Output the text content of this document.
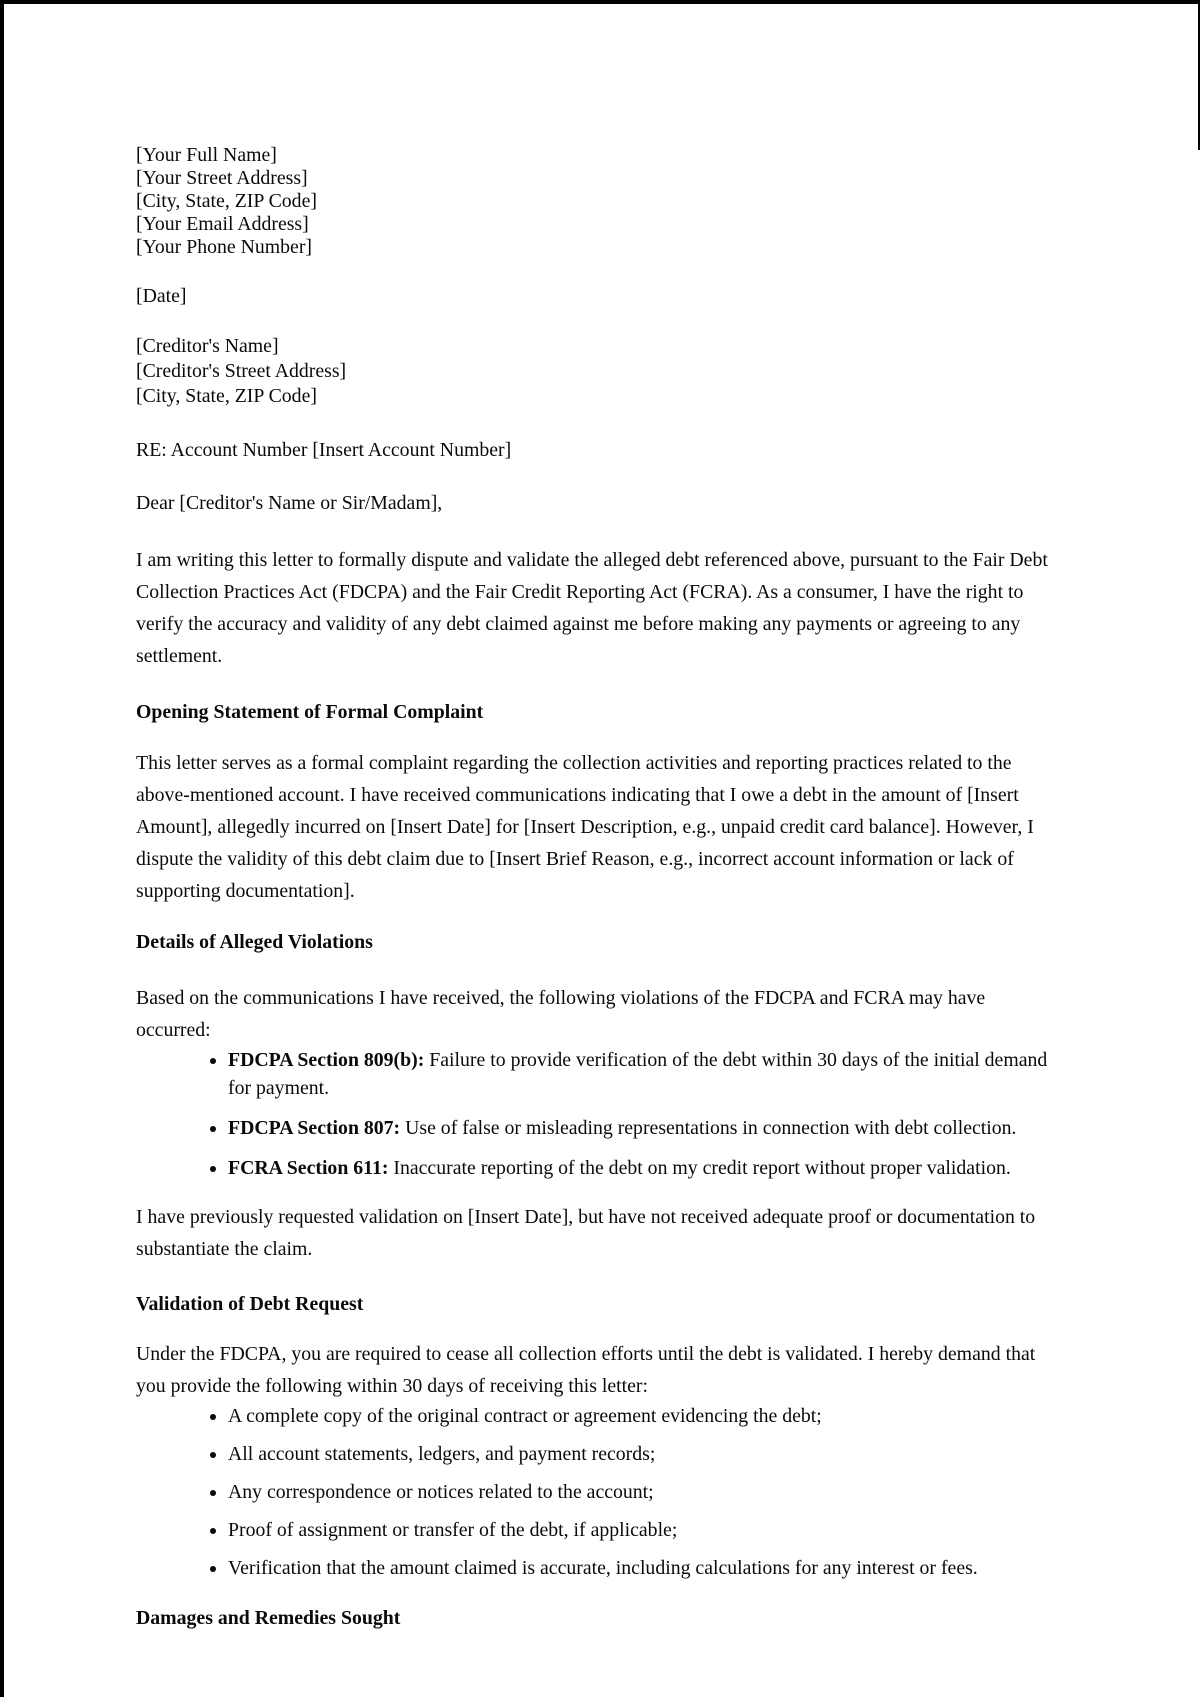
[Your Full Name]
[Your Street Address]
[City, State, ZIP Code]
[Your Email Address]
[Your Phone Number]

[Date]

[Creditor's Name]
[Creditor's Street Address]
[City, State, ZIP Code]

RE: Account Number [Insert Account Number]

Dear [Creditor's Name or Sir/Madam],

I am writing this letter to formally dispute and validate the alleged debt referenced above, pursuant to the Fair Debt Collection Practices Act (FDCPA) and the Fair Credit Reporting Act (FCRA). As a consumer, I have the right to verify the accuracy and validity of any debt claimed against me before making any payments or agreeing to any settlement.

Opening Statement of Formal Complaint

This letter serves as a formal complaint regarding the collection activities and reporting practices related to the above-mentioned account. I have received communications indicating that I owe a debt in the amount of [Insert Amount], allegedly incurred on [Insert Date] for [Insert Description, e.g., unpaid credit card balance]. However, I dispute the validity of this debt claim due to [Insert Brief Reason, e.g., incorrect account information or lack of supporting documentation].

Details of Alleged Violations

Based on the communications I have received, the following violations of the FDCPA and FCRA may have occurred:

• FDCPA Section 809(b): Failure to provide verification of the debt within 30 days of the initial demand for payment.
• FDCPA Section 807: Use of false or misleading representations in connection with debt collection.
• FCRA Section 611: Inaccurate reporting of the debt on my credit report without proper validation.

I have previously requested validation on [Insert Date], but have not received adequate proof or documentation to substantiate the claim.

Validation of Debt Request

Under the FDCPA, you are required to cease all collection efforts until the debt is validated. I hereby demand that you provide the following within 30 days of receiving this letter:

• A complete copy of the original contract or agreement evidencing the debt;
• All account statements, ledgers, and payment records;
• Any correspondence or notices related to the account;
• Proof of assignment or transfer of the debt, if applicable;
• Verification that the amount claimed is accurate, including calculations for any interest or fees.

Damages and Remedies Sought
